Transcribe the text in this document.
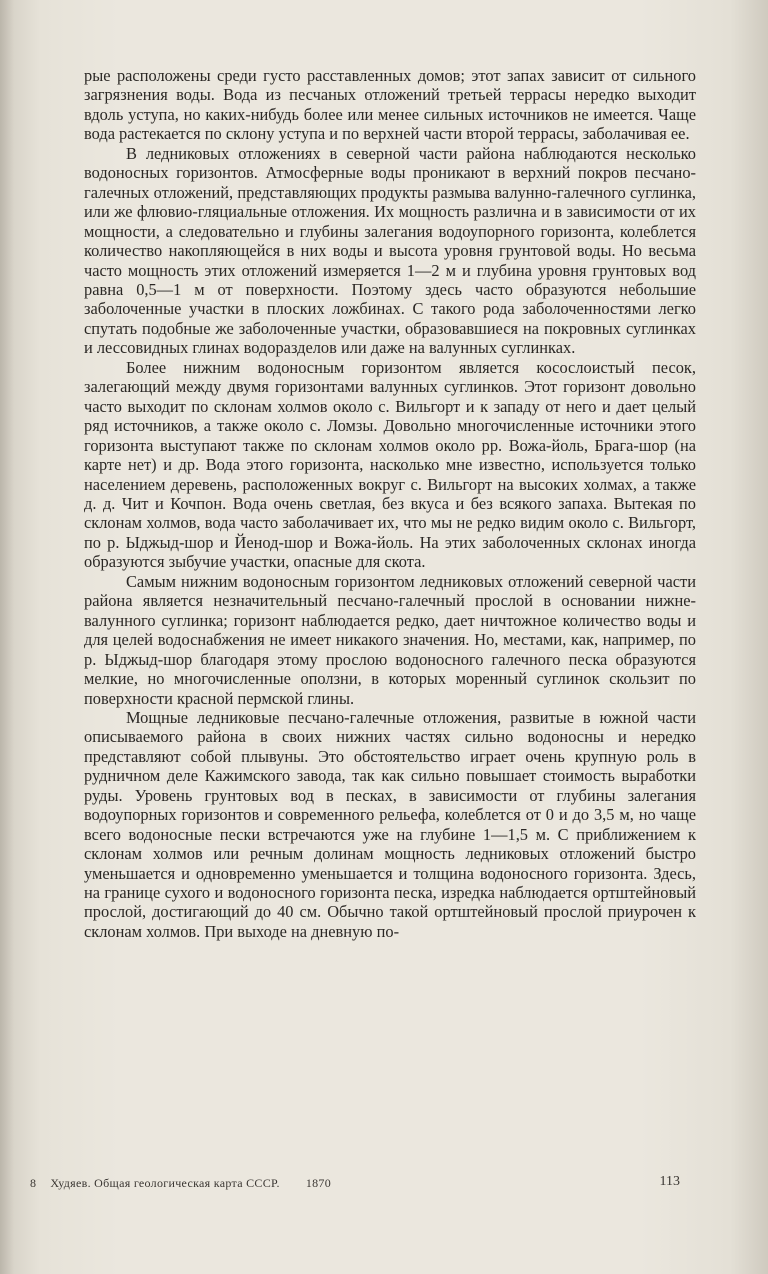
рые расположены среди густо расставленных домов; этот запах зависит от сильного загрязнения воды. Вода из песчаных отложений третьей террасы нередко выходит вдоль уступа, но каких-нибудь более или менее сильных источников не имеется. Чаще вода растекается по склону уступа и по верхней части второй террасы, заболачивая ее.

В ледниковых отложениях в северной части района наблюдаются несколько водоносных горизонтов. Атмосферные воды проникают в верхний покров песчано-галечных отложений, представляющих продукты размыва валунно-галечного суглинка, или же флювио-гляциальные отложения. Их мощность различна и в зависимости от их мощности, а следовательно и глубины залегания водоупорного горизонта, колеблется количество накопляющейся в них воды и высота уровня грунтовой воды. Но весьма часто мощность этих отложений измеряется 1—2 м и глубина уровня грунтовых вод равна 0,5—1 м от поверхности. Поэтому здесь часто образуются небольшие заболоченные участки в плоских ложбинах. С такого рода заболоченностями легко спутать подобные же заболоченные участки, образовавшиеся на покровных суглинках и лессовидных глинах водоразделов или даже на валунных суглинках.

Более нижним водоносным горизонтом является косослоистый песок, залегающий между двумя горизонтами валунных суглинков. Этот горизонт довольно часто выходит по склонам холмов около с. Вильгорт и к западу от него и дает целый ряд источников, а также около с. Ломзы. Довольно многочисленные источники этого горизонта выступают также по склонам холмов около рр. Вожа-йоль, Брага-шор (на карте нет) и др. Вода этого горизонта, насколько мне известно, используется только населением деревень, расположенных вокруг с. Вильгорт на высоких холмах, а также д. д. Чит и Кочпон. Вода очень светлая, без вкуса и без всякого запаха. Вытекая по склонам холмов, вода часто заболачивает их, что мы не редко видим около с. Вильгорт, по р. Ыджыд-шор и Йенод-шор и Вожа-йоль. На этих заболоченных склонах иногда образуются зыбучие участки, опасные для скота.

Самым нижним водоносным горизонтом ледниковых отложений северной части района является незначительный песчано-галечный прослой в основании нижне-валунного суглинка; горизонт наблюдается редко, дает ничтожное количество воды и для целей водоснабжения не имеет никакого значения. Но, местами, как, например, по р. Ыджыд-шор благодаря этому прослою водоносного галечного песка образуются мелкие, но многочисленные оползни, в которых моренный суглинок скользит по поверхности красной пермской глины.

Мощные ледниковые песчано-галечные отложения, развитые в южной части описываемого района в своих нижних частях сильно водоносны и нередко представляют собой плывуны. Это обстоятельство играет очень крупную роль в рудничном деле Кажимского завода, так как сильно повышает стоимость выработки руды. Уровень грунтовых вод в песках, в зависимости от глубины залегания водоупорных горизонтов и современного рельефа, колеблется от 0 и до 3,5 м, но чаще всего водоносные пески встречаются уже на глубине 1—1,5 м. С приближением к склонам холмов или речным долинам мощность ледниковых отложений быстро уменьшается и одновременно уменьшается и толщина водоносного горизонта. Здесь, на границе сухого и водоносного горизонта песка, изредка наблюдается ортштейновый прослой, достигающий до 40 см. Обычно такой ортштейновый прослой приурочен к склонам холмов. При выходе на дневную по-

8 Худяев. Общая геологическая карта СССР. 1870	113
